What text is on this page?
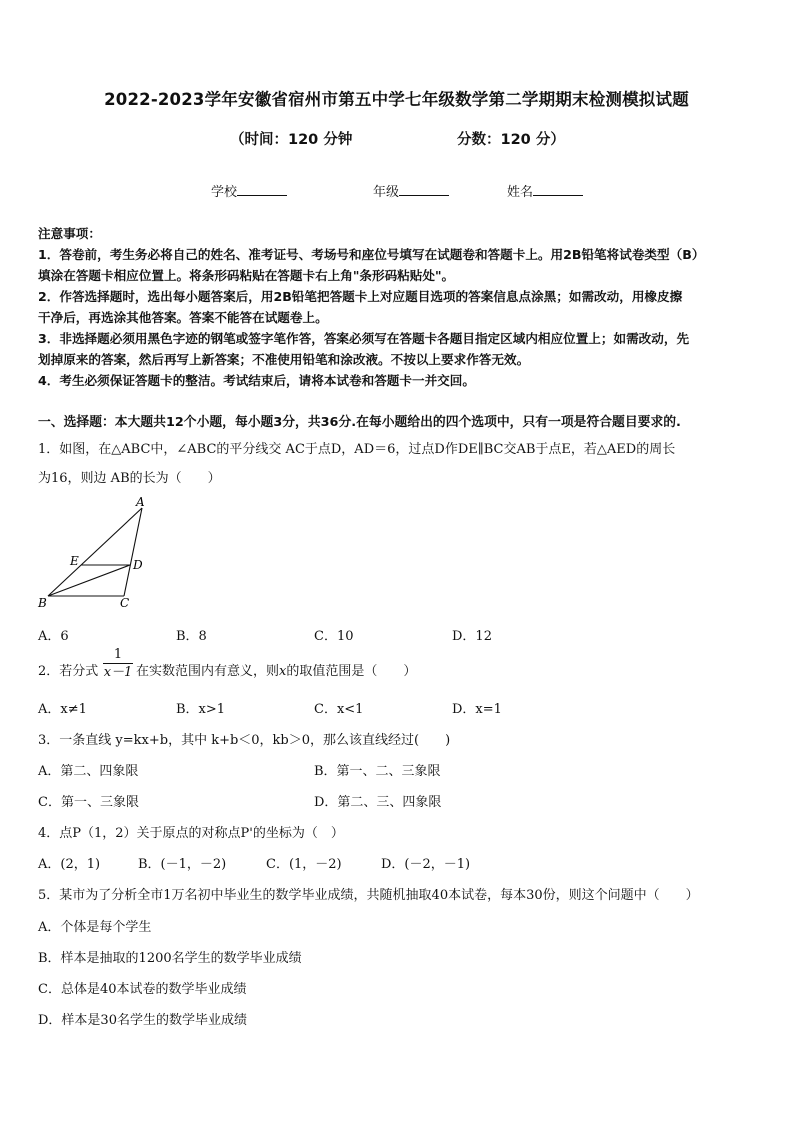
2022-2023学年安徽省宿州市第五中学七年级数学第二学期期末检测模拟试题
（时间：120 分钟	分数：120 分）
学校	年级	姓名
注意事项：
1．答卷前，考生务必将自己的姓名、准考证号、考场号和座位号填写在试题卷和答题卡上。用2B铅笔将试卷类型（B）
填涂在答题卡相应位置上。将条形码粘贴在答题卡右上角"条形码粘贴处"。
2．作答选择题时，选出每小题答案后，用2B铅笔把答题卡上对应题目选项的答案信息点涂黑；如需改动，用橡皮擦
干净后，再选涂其他答案。答案不能答在试题卷上。
3．非选择题必须用黑色字迹的钢笔或签字笔作答，答案必须写在答题卡各题目指定区域内相应位置上；如需改动，先
划掉原来的答案，然后再写上新答案；不准使用铅笔和涂改液。不按以上要求作答无效。
4．考生必须保证答题卡的整洁。考试结束后，请将本试卷和答题卡一并交回。
一、选择题：本大题共12个小题，每小题3分，共36分.在每小题给出的四个选项中，只有一项是符合题目要求的.
1．如图，在△ABC中，∠ABC的平分线交 AC于点D，AD＝6，过点D作DE∥BC交AB于点E，若△AED的周长
为16，则边 AB的长为（　　）
A
E	D
B	C
A．6	B．8	C．10	D．12
2．若分式
1
x－1 在实数范围内有意义，则x的取值范围是（　　）
A．x≠1	B．x>1	C．x<1	D．x=1
3．一条直线 y=kx+b，其中 k+b＜0，kb＞0，那么该直线经过(　　)
A．第二、四象限	B．第一、二、三象限
C．第一、三象限	D．第二、三、四象限
4．点P（1，2）关于原点的对称点P'的坐标为（　）
A．(2，1)	B．(－1，－2)	C．(1，－2)	D．(－2，－1)
5．某市为了分析全市1万名初中毕业生的数学毕业成绩，共随机抽取40本试卷，每本30份，则这个问题中（　　）
A．个体是每个学生
B．样本是抽取的1200名学生的数学毕业成绩
C．总体是40本试卷的数学毕业成绩
D．样本是30名学生的数学毕业成绩
